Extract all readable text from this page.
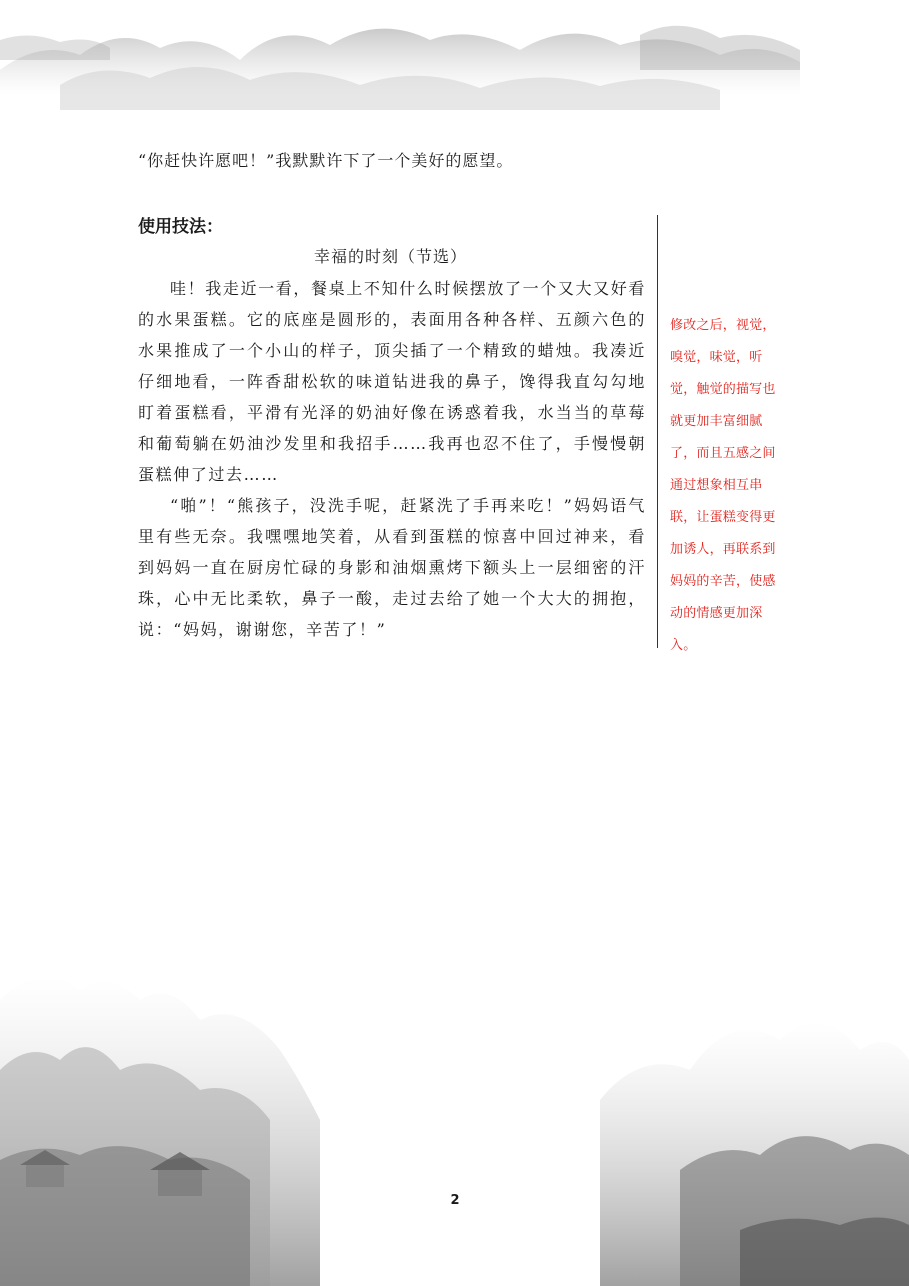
“你赶快许愿吧！”我默默许下了一个美好的愿望。
使用技法：
幸福的时刻（节选）

哇！我走近一看，餐桌上不知什么时候摆放了一个又大又好看的水果蛋糕。它的底座是圆形的，表面用各种各样、五颜六色的水果推成了一个小山的样子，顶尖插了一个精致的蜡烛。我凑近仔细地看，一阵香甜松软的味道钻进我的鼻子，馋得我直勾勾地盯着蛋糕看，平滑有光泽的奶油好像在诱惑着我，水当当的草莓和葡萄躺在奶油沙发里和我招手……我再也忍不住了，手慢慢朝蛋糕伸了过去……

“啪”！“熊孩子，没洗手呢，赶紧洗了手再来吃！”妈妈语气里有些无奈。我嘿嘿地笑着，从看到蛋糕的惊喜中回过神来，看到妈妈一直在厨房忙碌的身影和油烟熏烤下额头上一层细密的汗珠，心中无比柔软，鼻子一酸，走过去给了她一个大大的拥抱，说：“妈妈，谢谢您，辛苦了！”

修改之后，视觉，嗅觉，味觉，听觉，触觉的描写也就更加丰富细腻了，而且五感之间通过想象相互串联，让蛋糕变得更加诱人，再联系到妈妈的辛苦，使感动的情感更加深入。
2
